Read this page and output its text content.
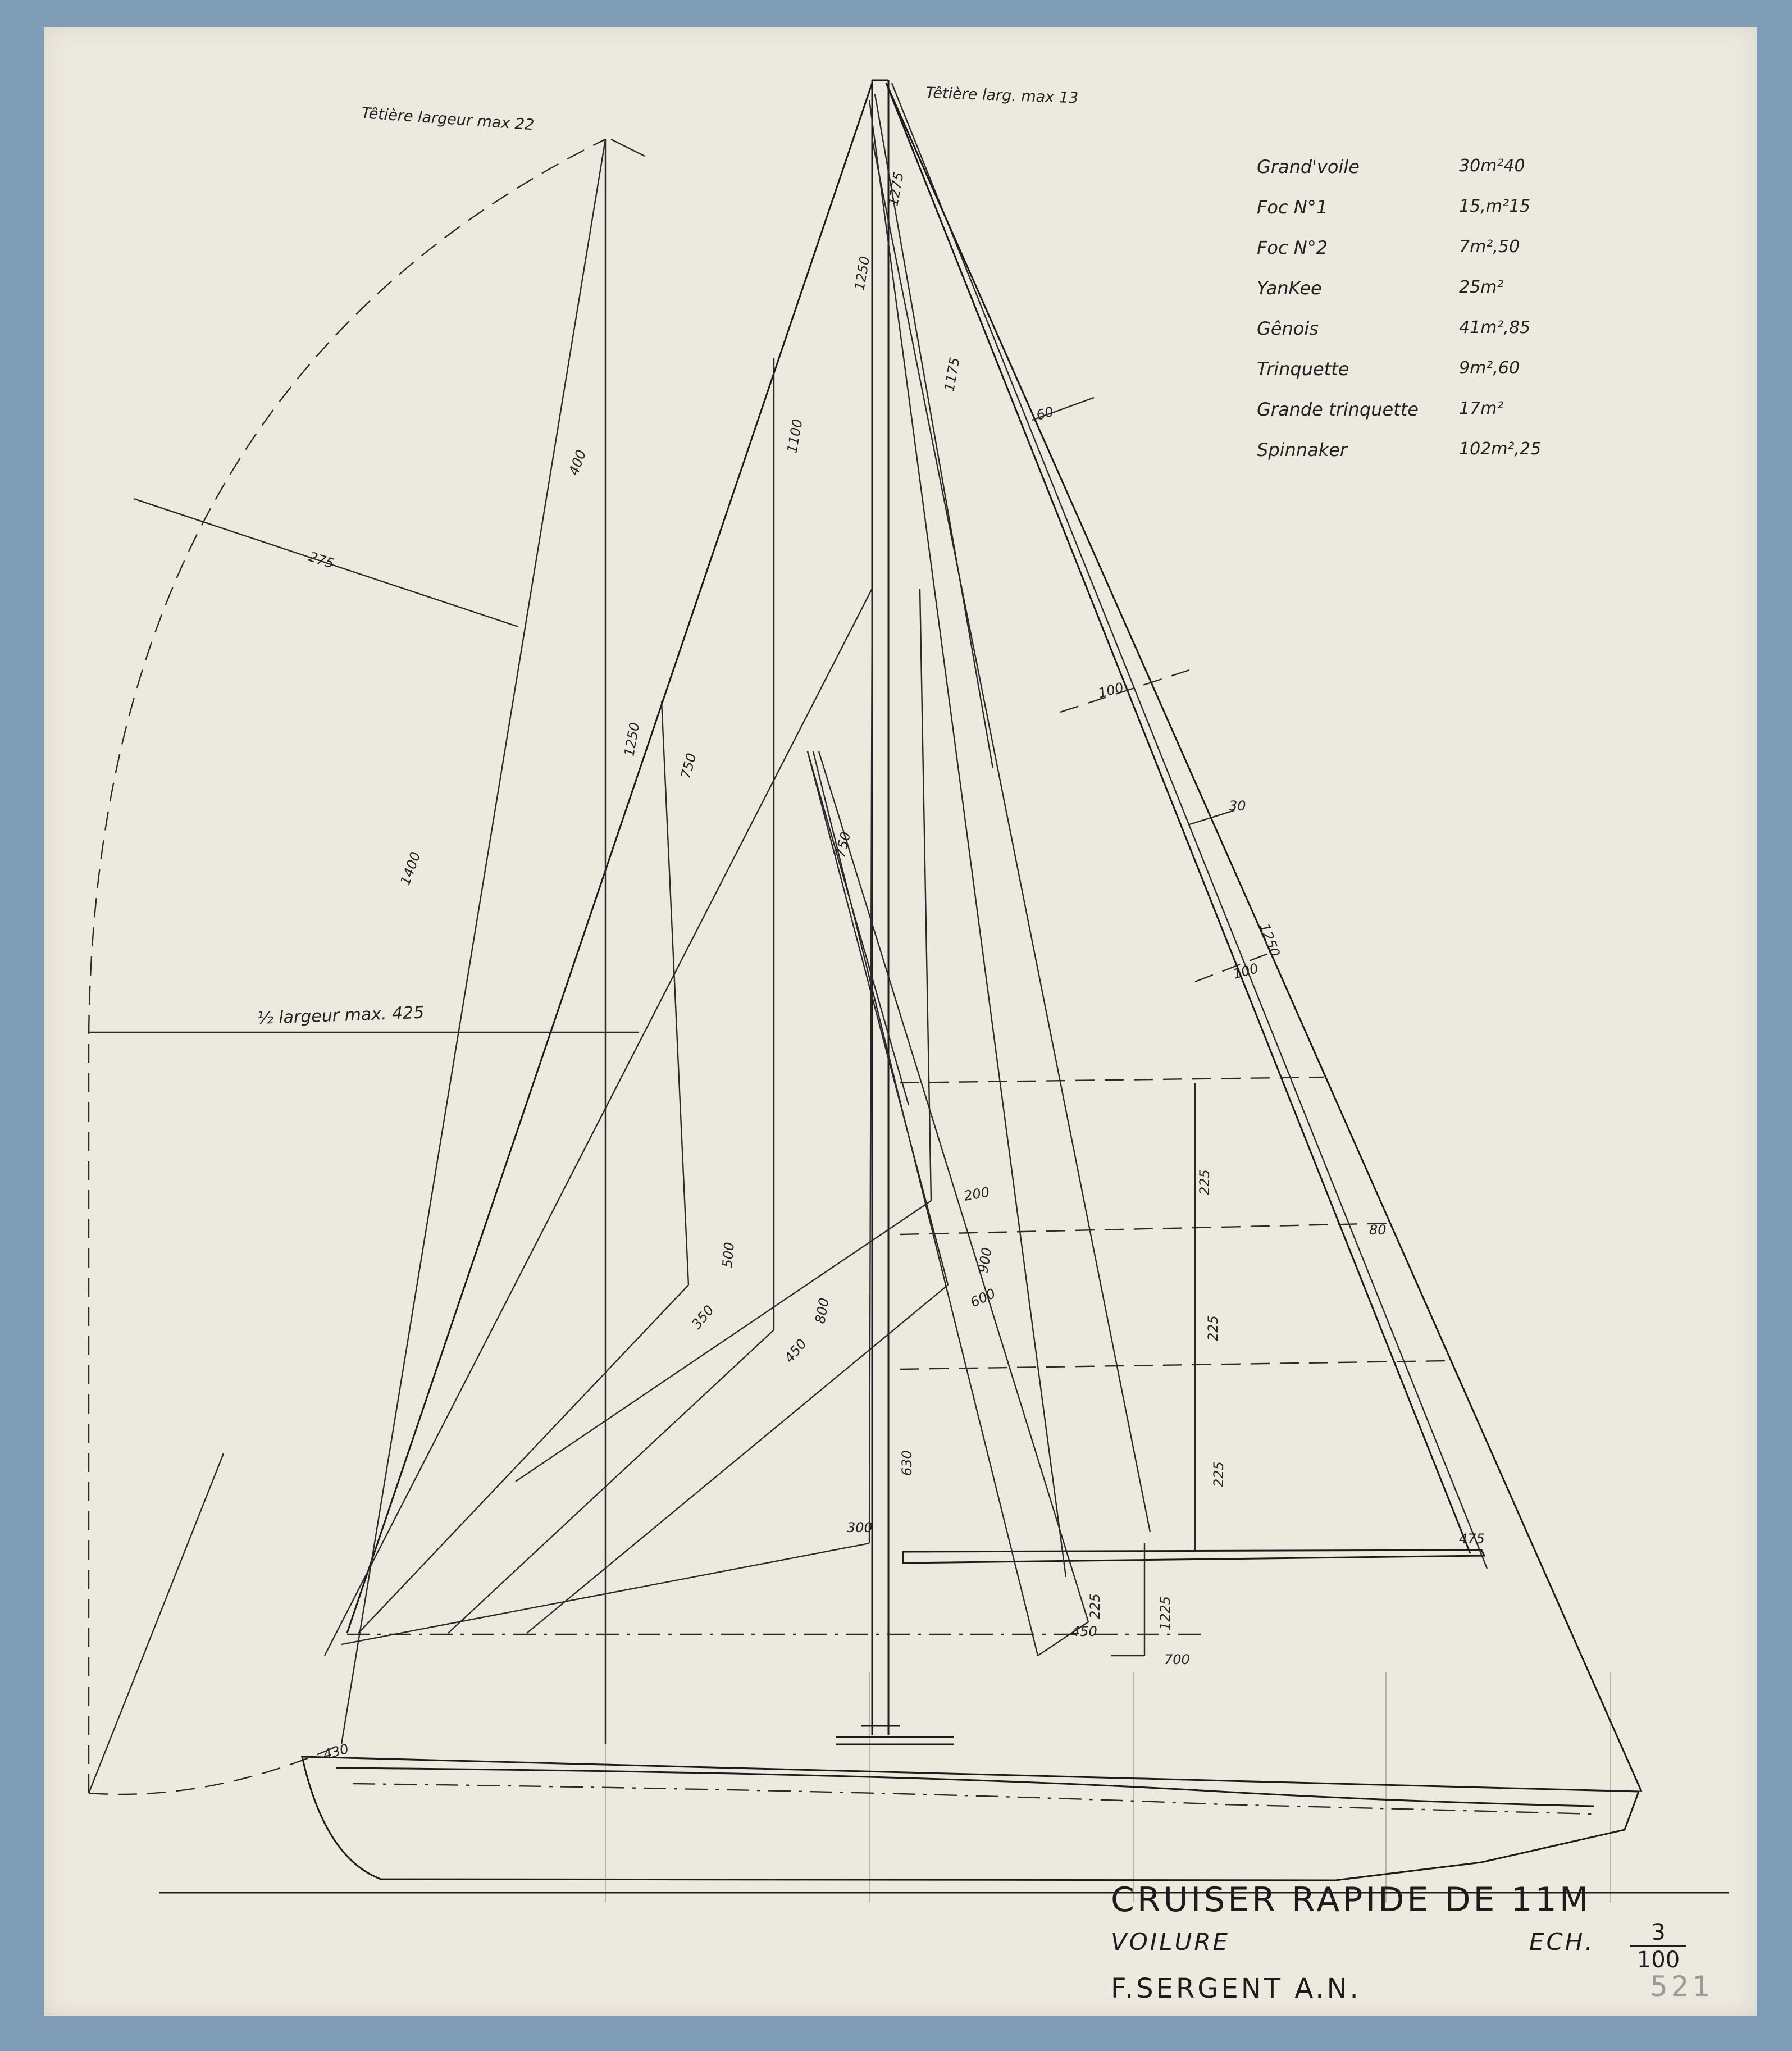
Têtière largeur max 22
Têtière larg. max 13
½ largeur max. 425
275
400
1400
1250
750
500
350
1100
750
800
450
600
900
200
630
300
1250
1275
1175
60
100
30
1250
100
80
225
225
225
475
225
450
1225
700
430
Grand'voile	30m²40
Foc N°1	15,m²15
Foc N°2	7m²,50
YanKee	25m²
Gênois	41m²,85
Trinquette	9m²,60
Grande trinquette	17m²
Spinnaker	102m²,25
CRUISER RAPIDE DE 11M
VOILURE	ECH. $\frac{3}{100}$
F.SERGENT A.N.	521
